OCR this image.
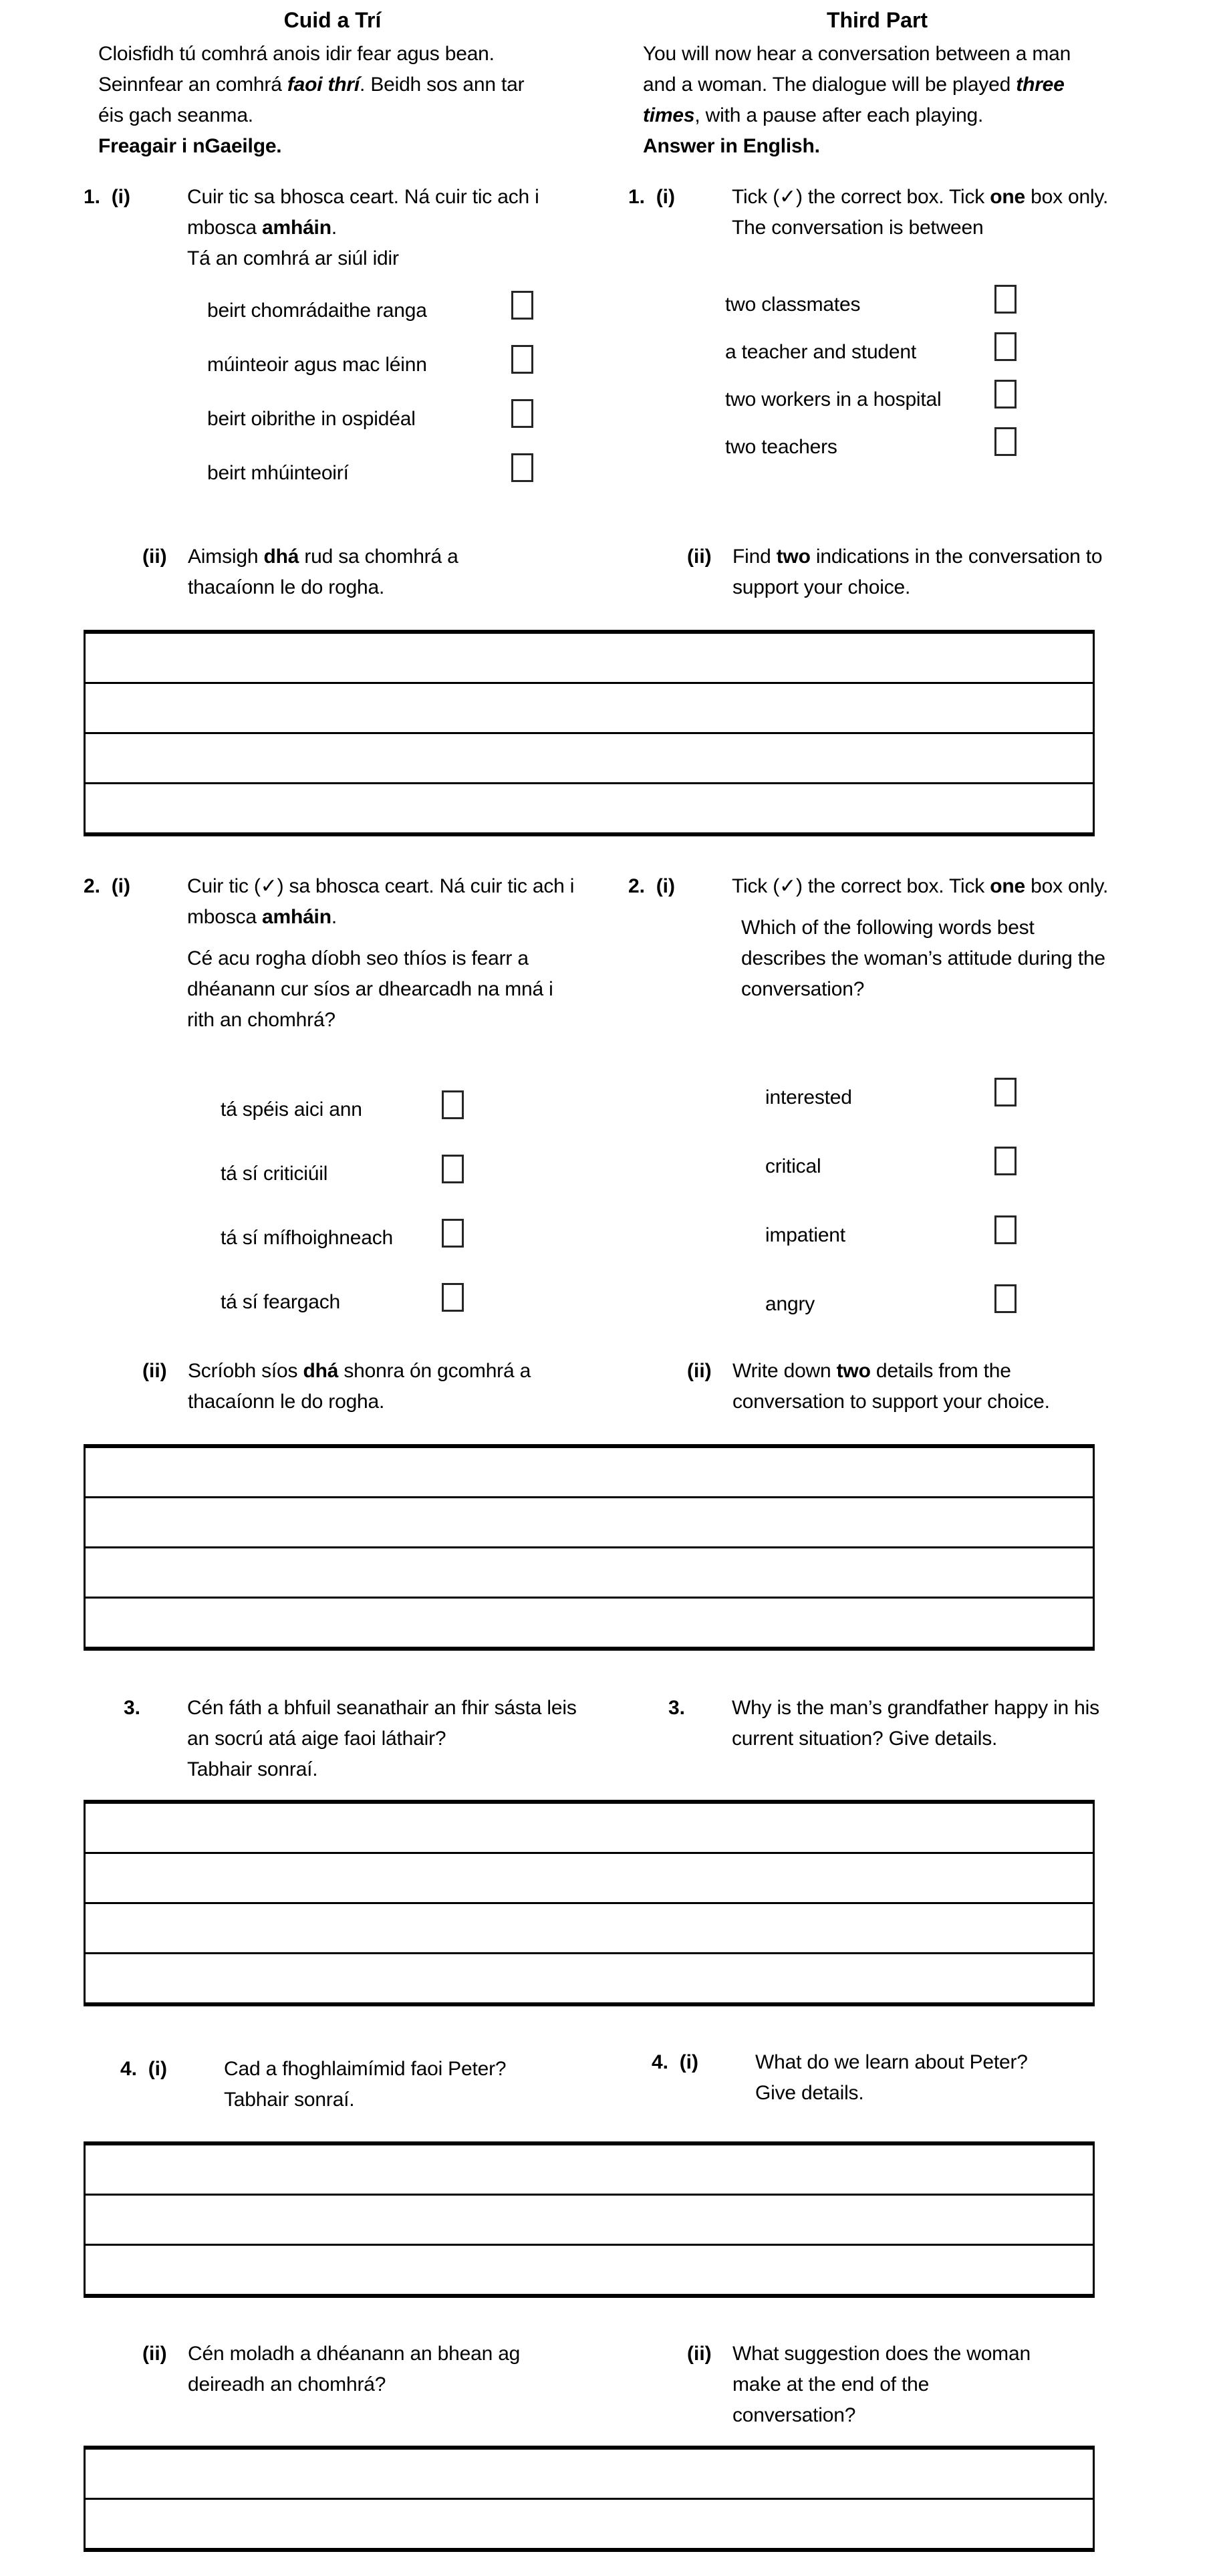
Cuid a Trí
Cloisfidh tú comhrá anois idir fear agus bean. Seinnfear an comhrá faoi thrí. Beidh sos ann tar éis gach seanma.
Freagair i nGaeilge.
Third Part
You will now hear a conversation between a man and a woman. The dialogue will be played three times, with a pause after each playing.
Answer in English.
1.  (i)	Cuir tic sa bhosca ceart. Ná cuir tic ach i mbosca amháin.
Tá an comhrá ar siúl idir
1.  (i)	Tick (✓) the correct box. Tick one box only.
The conversation is between
beirt chomrádaithe ranga
múinteoir agus mac léinn
beirt oibrithe in ospidéal
beirt mhúinteoirí
two classmates
a teacher and student
two workers in a hospital
two teachers
(ii)	Aimsigh dhá rud sa chomhrá a thacaíonn le do rogha.
(ii)	Find two indications in the conversation to support your choice.
2.  (i)	Cuir tic (✓) sa bhosca ceart. Ná cuir tic ach i mbosca amháin.
Cé acu rogha díobh seo thíos is fearr a dhéanann cur síos ar dhearcadh na mná i rith an chomhrá?
2.  (i)	Tick (✓) the correct box. Tick one box only.
Which of the following words best describes the woman’s attitude during the conversation?
tá spéis aici ann
tá sí criticiúil
tá sí mífhoighneach
tá sí feargach
interested
critical
impatient
angry
(ii)	Scríobh síos dhá shonra ón gcomhrá a thacaíonn le do rogha.
(ii)	Write down two details from the conversation to support your choice.
3.	Cén fáth a bhfuil seanathair an fhir sásta leis an socrú atá aige faoi láthair?
Tabhair sonraí.
3.	Why is the man’s grandfather happy in his current situation? Give details.
4.  (i)	Cad a fhoghlaimímid faoi Peter?
Tabhair sonraí.
4.  (i)	What do we learn about Peter?
Give details.
(ii)	Cén moladh a dhéanann an bhean ag deireadh an chomhrá?
(ii)	What suggestion does the woman make at the end of the conversation?
